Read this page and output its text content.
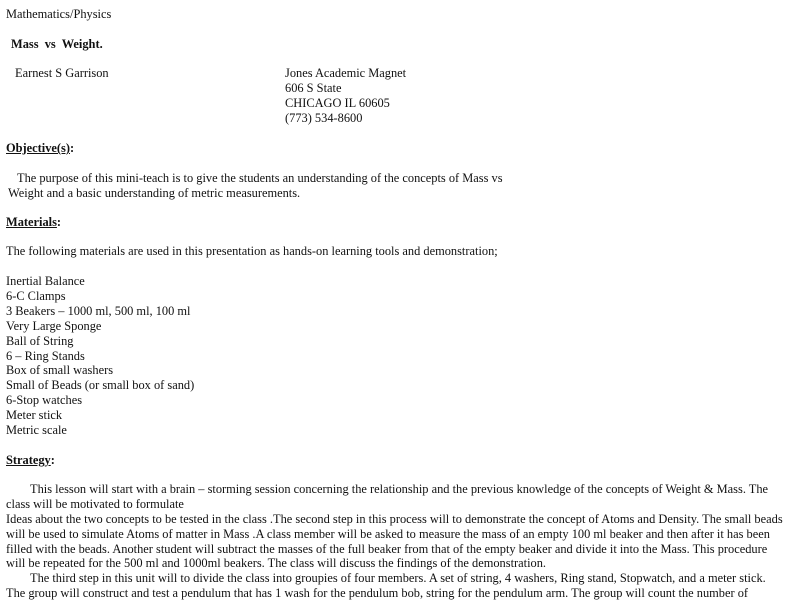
Mathematics/Physics
Mass  vs  Weight.
Earnest S Garrison	Jones Academic Magnet
606 S State
CHICAGO IL 60605
(773) 534-8600
Objective(s):
The purpose of this mini-teach is to give the students an understanding of the concepts of Mass vs
Weight and a basic understanding of metric measurements.
Materials:
The following materials are used in this presentation as hands-on learning tools and demonstration;
Inertial Balance
6-C Clamps
3 Beakers – 1000 ml, 500 ml, 100 ml
Very Large Sponge
Ball of String
6 – Ring Stands
Box of small washers
Small of Beads (or small box of sand)
6-Stop watches
Meter stick
Metric scale
Strategy:
This lesson will start with a brain – storming session concerning the relationship and the previous knowledge of the concepts of Weight & Mass. The
class will be motivated to formulate
Ideas about the two concepts to be tested in the class .The second step in this process will to demonstrate the concept of Atoms and Density. The small beads
will be used to simulate Atoms of matter in Mass .A class member will be asked to measure the mass of an empty 100 ml beaker and then after it has been
filled with the beads. Another student will subtract the masses of the full beaker from that of the empty beaker and divide it into the Mass. This procedure
will be repeated for the 500 ml and 1000ml beakers. The class will discuss the findings of the demonstration.
The third step in this unit will to divide the class into groupies of four members. A set of string, 4 washers, Ring stand, Stopwatch, and a meter stick.
The group will construct and test a pendulum that has 1 wash for the pendulum bob, string for the pendulum arm. The group will count the number of
